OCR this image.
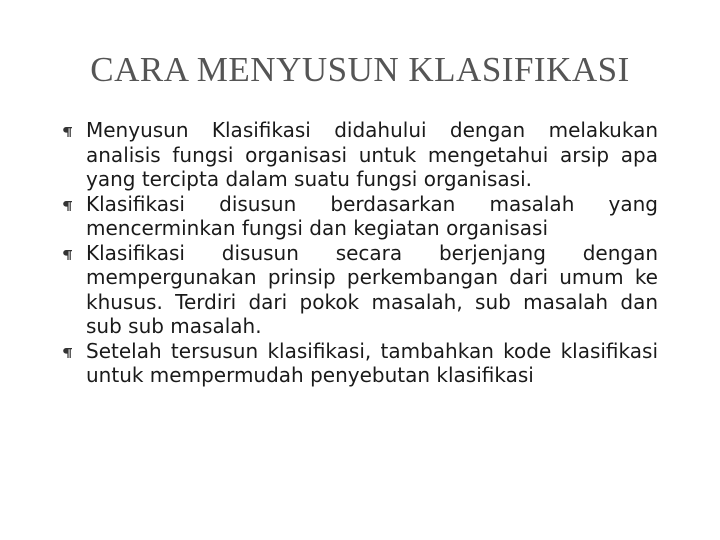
CARA MENYUSUN KLASIFIKASI
Menyusun Klasifikasi didahului dengan melakukan analisis fungsi organisasi untuk mengetahui arsip apa yang tercipta dalam suatu fungsi organisasi.
Klasifikasi disusun berdasarkan masalah yang mencerminkan fungsi dan kegiatan organisasi
Klasifikasi disusun secara berjenjang dengan mempergunakan prinsip perkembangan dari umum ke khusus. Terdiri dari pokok masalah, sub masalah dan sub sub masalah.
Setelah tersusun klasifikasi, tambahkan kode klasifikasi untuk mempermudah penyebutan klasifikasi
